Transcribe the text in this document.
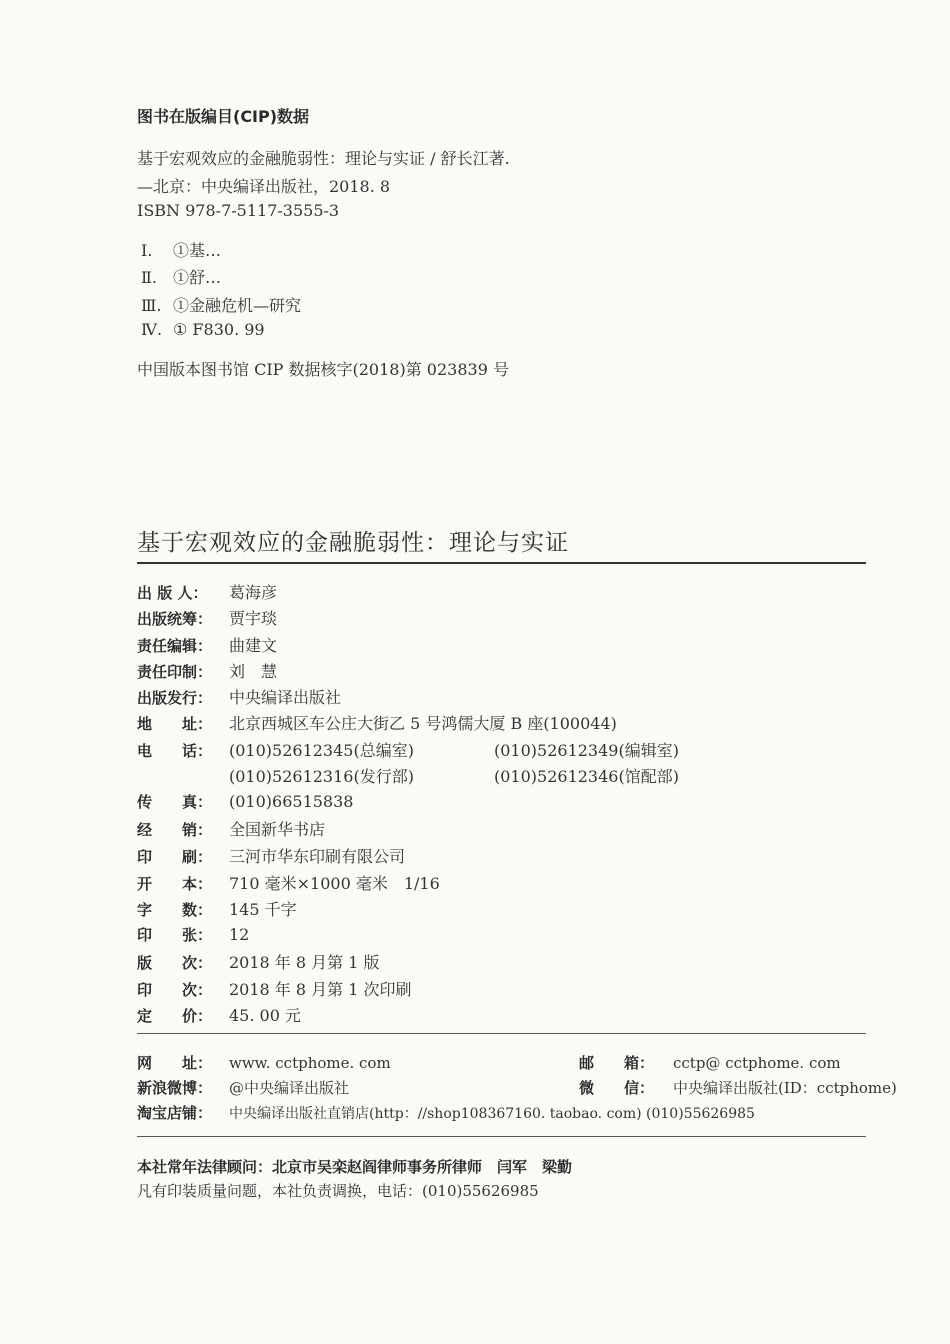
图书在版编目(CIP)数据
基于宏观效应的金融脆弱性：理论与实证 / 舒长江著.
—北京：中央编译出版社，2018. 8
ISBN 978-7-5117-3555-3
Ⅰ. ①基…
Ⅱ. ①舒…
Ⅲ. ①金融危机—研究
Ⅳ. ① F830. 99
中国版本图书馆 CIP 数据核字(2018)第 023839 号
基于宏观效应的金融脆弱性：理论与实证
出 版 人： 葛海彦
出版统筹： 贾宇琰
责任编辑： 曲建文
责任印制： 刘　慧
出版发行： 中央编译出版社
地　　址： 北京西城区车公庄大街乙 5 号鸿儒大厦 B 座(100044)
电　　话： (010)52612345(总编室)	(010)52612349(编辑室)
(010)52612316(发行部)	(010)52612346(馆配部)
传　　真： (010)66515838
经　　销： 全国新华书店
印　　刷： 三河市华东印刷有限公司
开　　本： 710 毫米×1000 毫米　1/16
字　　数： 145 千字
印　　张： 12
版　　次： 2018 年 8 月第 1 版
印　　次： 2018 年 8 月第 1 次印刷
定　　价： 45. 00 元
网　　址： www. cctphome. com	邮　　箱： cctp@ cctphome. com
新浪微博： @中央编译出版社	微　　信： 中央编译出版社(ID：cctphome)
淘宝店铺： 中央编译出版社直销店(http：//shop108367160. taobao. com) (010)55626985
本社常年法律顾问：北京市吴栾赵阎律师事务所律师　闫军　梁勤
凡有印装质量问题，本社负责调换，电话：(010)55626985
